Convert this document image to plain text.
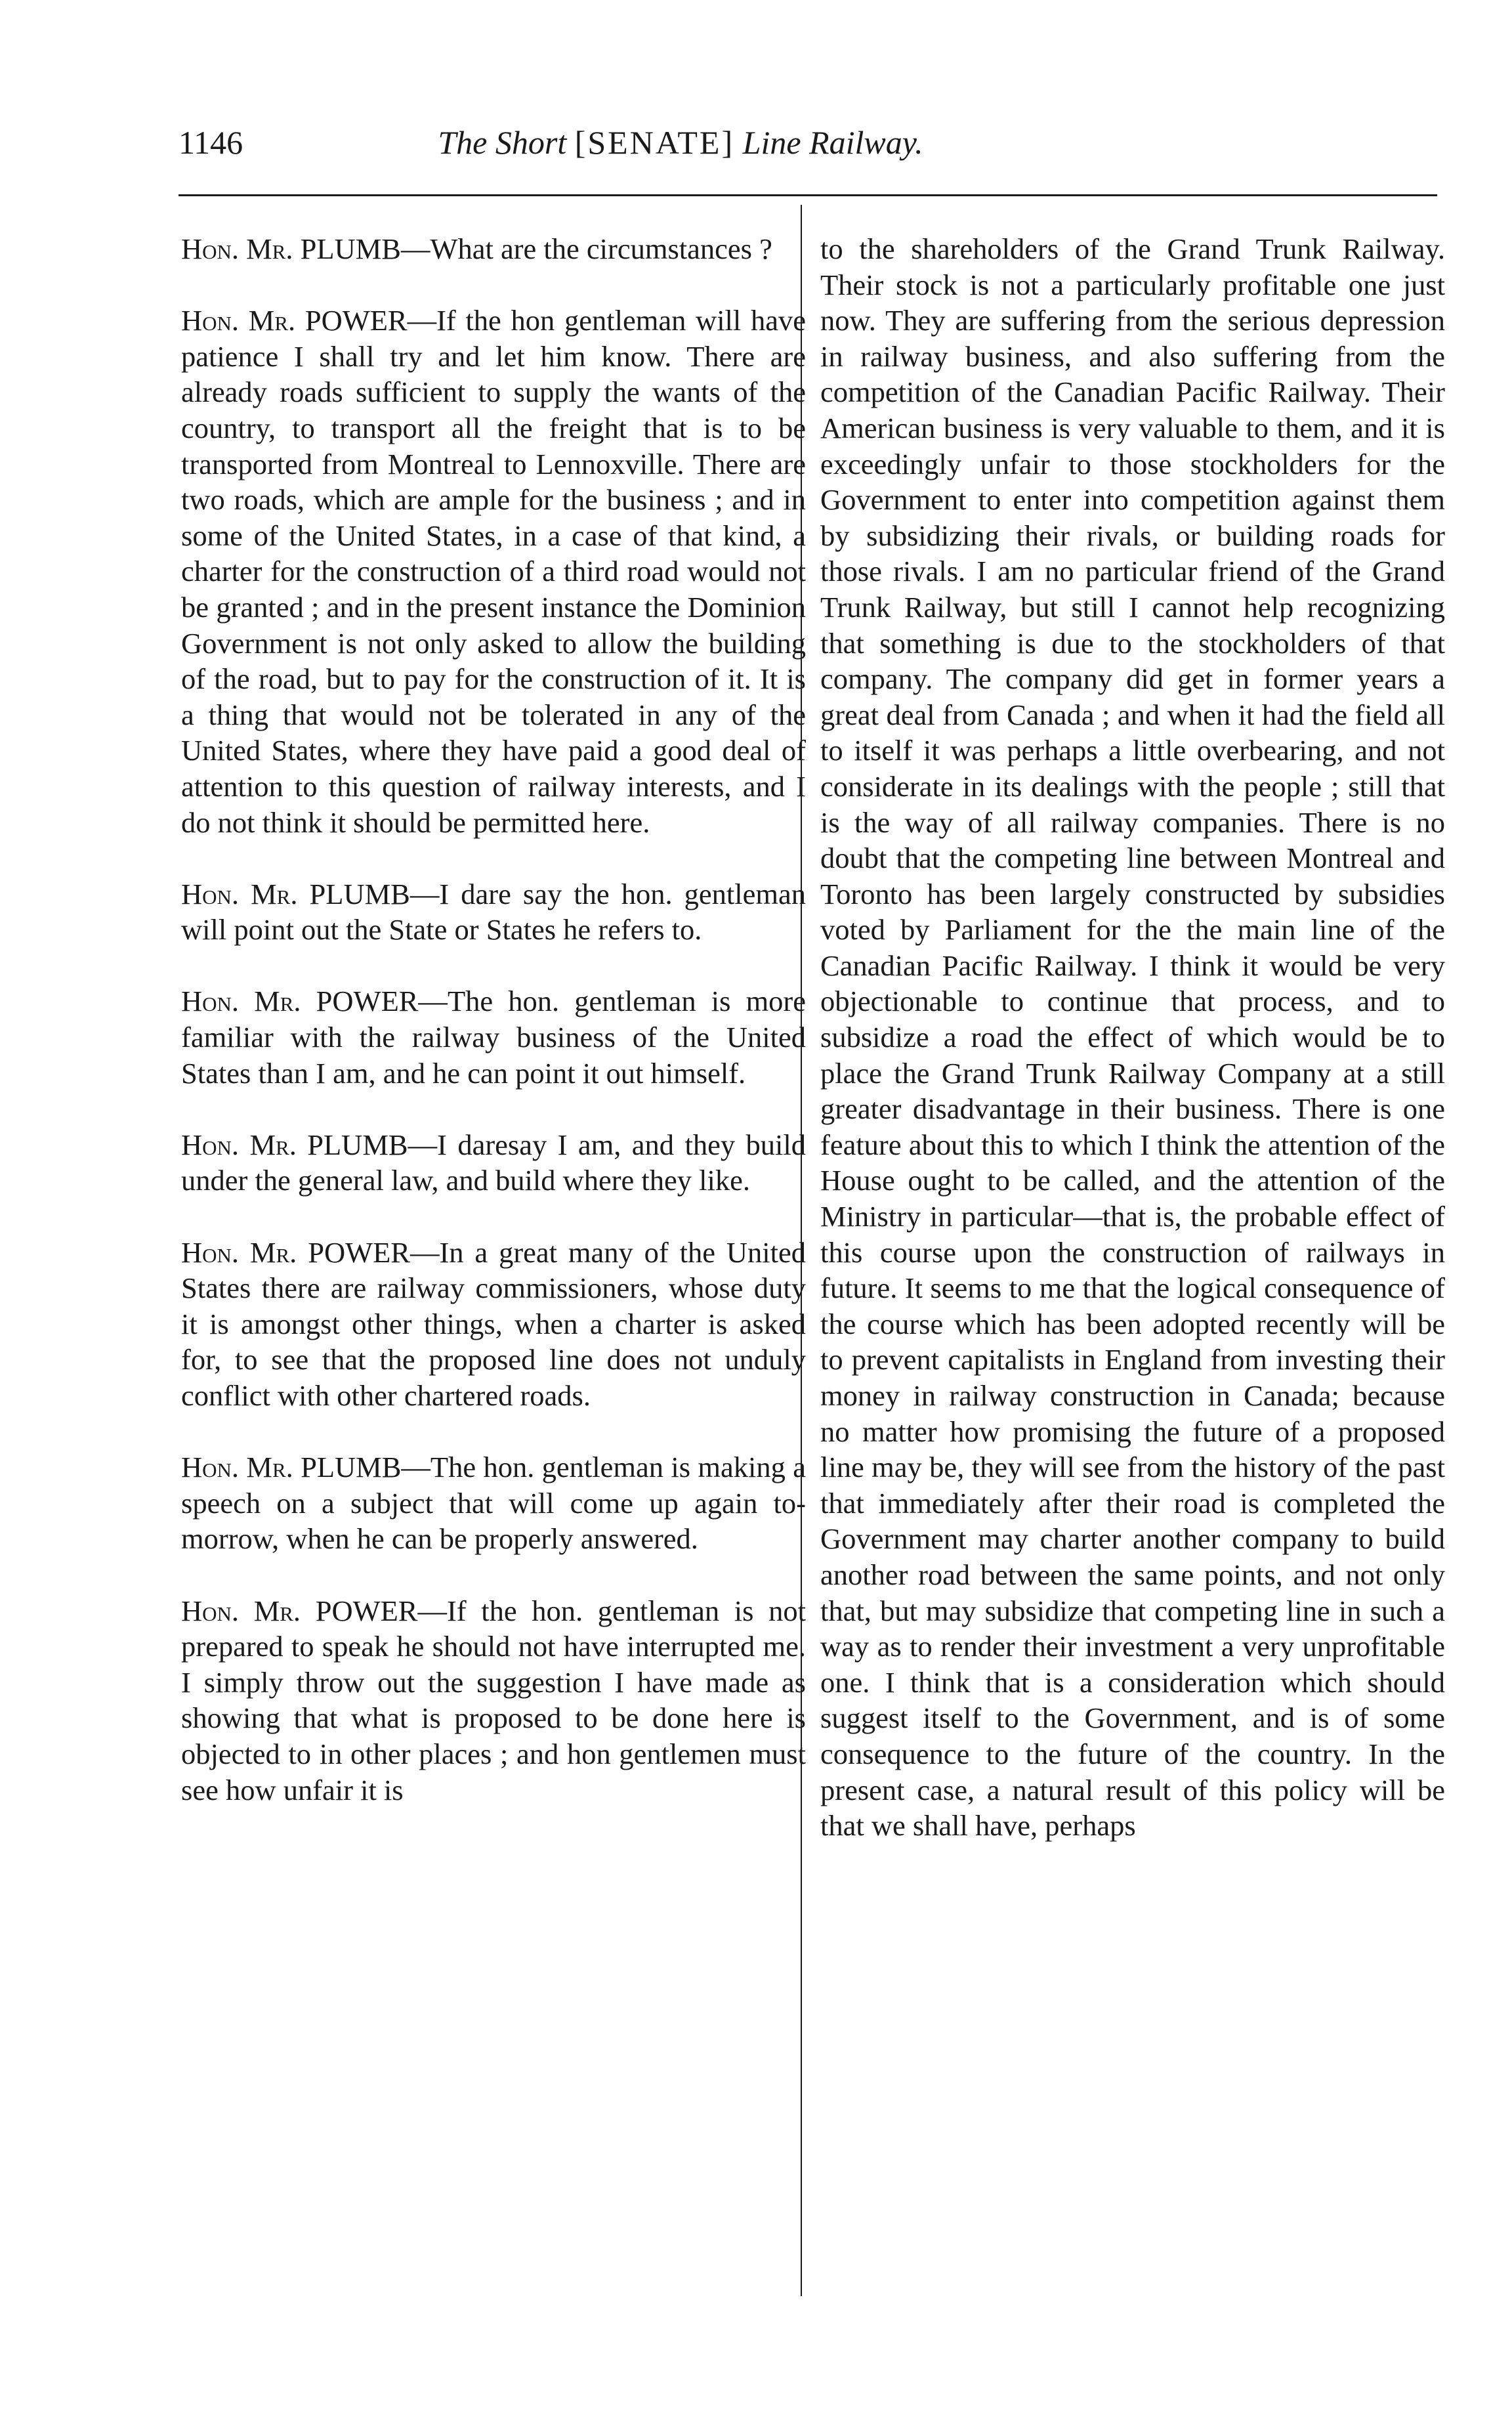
1146	The Short [SENATE] Line Railway.

Hon. Mr. PLUMB—What are the circumstances ?

Hon. Mr. POWER—If the hon gentleman will have patience I shall try and let him know. There are already roads sufficient to supply the wants of the country, to transport all the freight that is to be transported from Montreal to Lennoxville. There are two roads, which are ample for the business ; and in some of the United States, in a case of that kind, a charter for the construction of a third road would not be granted ; and in the present instance the Dominion Government is not only asked to allow the building of the road, but to pay for the construction of it. It is a thing that would not be tolerated in any of the United States, where they have paid a good deal of attention to this question of railway interests, and I do not think it should be permitted here.

Hon. Mr. PLUMB—I dare say the hon. gentleman will point out the State or States he refers to.

Hon. Mr. POWER—The hon. gentleman is more familiar with the railway business of the United States than I am, and he can point it out himself.

Hon. Mr. PLUMB—I daresay I am, and they build under the general law, and build where they like.

Hon. Mr. POWER—In a great many of the United States there are railway commissioners, whose duty it is amongst other things, when a charter is asked for, to see that the proposed line does not unduly conflict with other chartered roads.

Hon. Mr. PLUMB—The hon. gentleman is making a speech on a subject that will come up again to-morrow, when he can be properly answered.

Hon. Mr. POWER—If the hon. gentleman is not prepared to speak he should not have interrupted me. I simply throw out the suggestion I have made as showing that what is proposed to be done here is objected to in other places ; and hon gentlemen must see how unfair it is

to the shareholders of the Grand Trunk Railway. Their stock is not a particularly profitable one just now. They are suffering from the serious depression in railway business, and also suffering from the competition of the Canadian Pacific Railway. Their American business is very valuable to them, and it is exceedingly unfair to those stockholders for the Government to enter into competition against them by subsidizing their rivals, or building roads for those rivals. I am no particular friend of the Grand Trunk Railway, but still I cannot help recognizing that something is due to the stockholders of that company. The company did get in former years a great deal from Canada ; and when it had the field all to itself it was perhaps a little overbearing, and not considerate in its dealings with the people ; still that is the way of all railway companies. There is no doubt that the competing line between Montreal and Toronto has been largely constructed by subsidies voted by Parliament for the the main line of the Canadian Pacific Railway. I think it would be very objectionable to continue that process, and to subsidize a road the effect of which would be to place the Grand Trunk Railway Company at a still greater disadvantage in their business. There is one feature about this to which I think the attention of the House ought to be called, and the attention of the Ministry in particular—that is, the probable effect of this course upon the construction of railways in future. It seems to me that the logical consequence of the course which has been adopted recently will be to prevent capitalists in England from investing their money in railway construction in Canada; because no matter how promising the future of a proposed line may be, they will see from the history of the past that immediately after their road is completed the Government may charter another company to build another road between the same points, and not only that, but may subsidize that competing line in such a way as to render their investment a very unprofitable one. I think that is a consideration which should suggest itself to the Government, and is of some consequence to the future of the country. In the present case, a natural result of this policy will be that we shall have, perhaps
